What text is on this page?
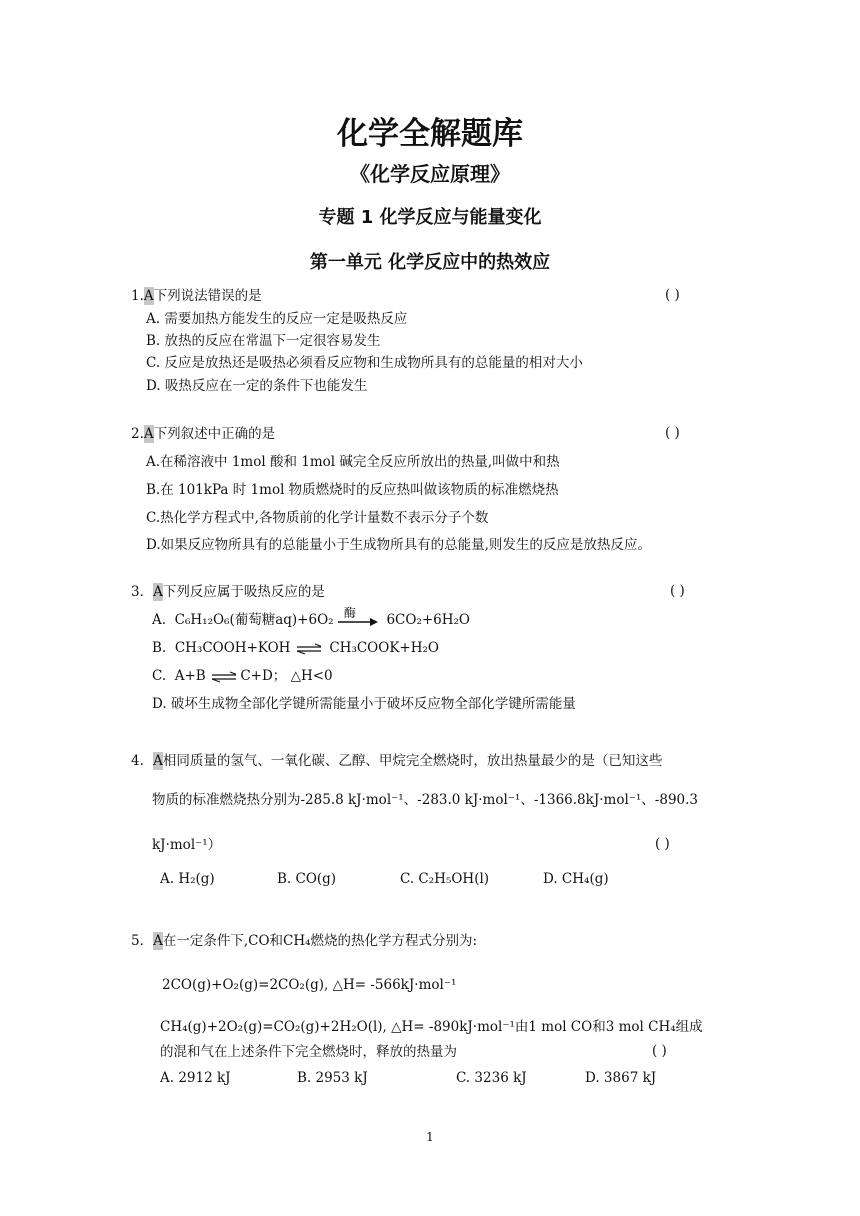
化学全解题库
《化学反应原理》
专题 1 化学反应与能量变化
第一单元 化学反应中的热效应
1.A下列说法错误的是	( )
A. 需要加热方能发生的反应一定是吸热反应
B. 放热的反应在常温下一定很容易发生
C. 反应是放热还是吸热必须看反应物和生成物所具有的总能量的相对大小
D. 吸热反应在一定的条件下也能发生
2.A下列叙述中正确的是	( )
A.在稀溶液中 1mol 酸和 1mol 碱完全反应所放出的热量,叫做中和热
B.在 101kPa 时 1mol 物质燃烧时的反应热叫做该物质的标准燃烧热
C.热化学方程式中,各物质前的化学计量数不表示分子个数
D.如果反应物所具有的总能量小于生成物所具有的总能量,则发生的反应是放热反应。
3．A下列反应属于吸热反应的是	( )
A. C₆H₁₂O₆(葡萄糖aq)+6O₂ 酶 6CO₂+6H₂O
B. CH₃COOH+KOH ⇌ CH₃COOK+H₂O
C. A+B ⇌ C+D； △H<0
D. 破坏生成物全部化学键所需能量小于破坏反应物全部化学键所需能量
4．A相同质量的氢气、一氧化碳、乙醇、甲烷完全燃烧时，放出热量最少的是（已知这些
物质的标准燃烧热分别为-285.8 kJ·mol⁻¹、-283.0 kJ·mol⁻¹、-1366.8kJ·mol⁻¹、-890.3
kJ·mol⁻¹）	( )
A. H₂(g)	B. CO(g)	C. C₂H₅OH(l)	D. CH₄(g)
5．A在一定条件下,CO和CH₄燃烧的热化学方程式分别为:
2CO(g)+O₂(g)=2CO₂(g), △H= -566kJ·mol⁻¹
CH₄(g)+2O₂(g)=CO₂(g)+2H₂O(l), △H= -890kJ·mol⁻¹由1 mol CO和3 mol CH₄组成
的混和气在上述条件下完全燃烧时，释放的热量为	( )
A. 2912 kJ	B. 2953 kJ	C. 3236 kJ	D. 3867 kJ
1
